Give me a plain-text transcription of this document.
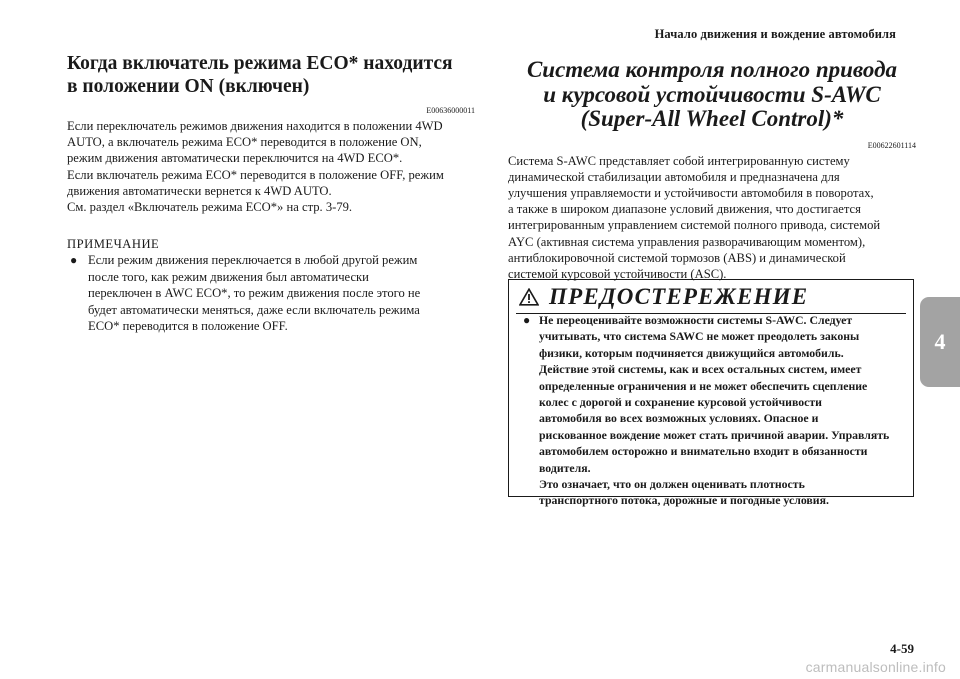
Начало движения и вождение автомобиля
Когда включатель режима ECO* находится
в положении ON (включен)
E00636000011
Если переключатель режимов движения находится в положении 4WD
AUTO, а включатель режима ECO* переводится в положение ON,
режим движения автоматически переключится на 4WD ECO*.
Если включатель режима ECO* переводится в положение OFF, режим
движения автоматически вернется к 4WD AUTO.
См. раздел «Включатель режима ECO*» на стр. 3-79.
ПРИМЕЧАНИЕ
● Если режим движения переключается в любой другой режим
после того, как режим движения был автоматически
переключен в AWC ECO*, то режим движения после этого не
будет автоматически меняться, даже если включатель режима
ECO* переводится в положение OFF.
Система контроля полного привода
и курсовой устойчивости S-AWC
(Super-All Wheel Control)*
E00622601114
Система S-AWC представляет собой интегрированную систему
динамической стабилизации автомобиля и предназначена для
улучшения управляемости и устойчивости автомобиля в поворотах,
а также в широком диапазоне условий движения, что достигается
интегрированным управлением системой полного привода, системой
AYC (активная система управления разворачивающим моментом),
антиблокировочной системой тормозов (ABS) и динамической
системой курсовой устойчивости (ASC).
ПРЕДОСТЕРЕЖЕНИЕ
● Не переоценивайте возможности системы S-AWC. Следует
учитывать, что система SAWC не может преодолеть законы
физики, которым подчиняется движущийся автомобиль.
Действие этой системы, как и всех остальных систем, имеет
определенные ограничения и не может обеспечить сцепление
колес с дорогой и сохранение курсовой устойчивости
автомобиля во всех возможных условиях. Опасное и
рискованное вождение может стать причиной аварии. Управлять
автомобилем осторожно и внимательно входит в обязанности
водителя.
Это означает, что он должен оценивать плотность
транспортного потока, дорожные и погодные условия.
4
4-59
carmanualsonline.info
